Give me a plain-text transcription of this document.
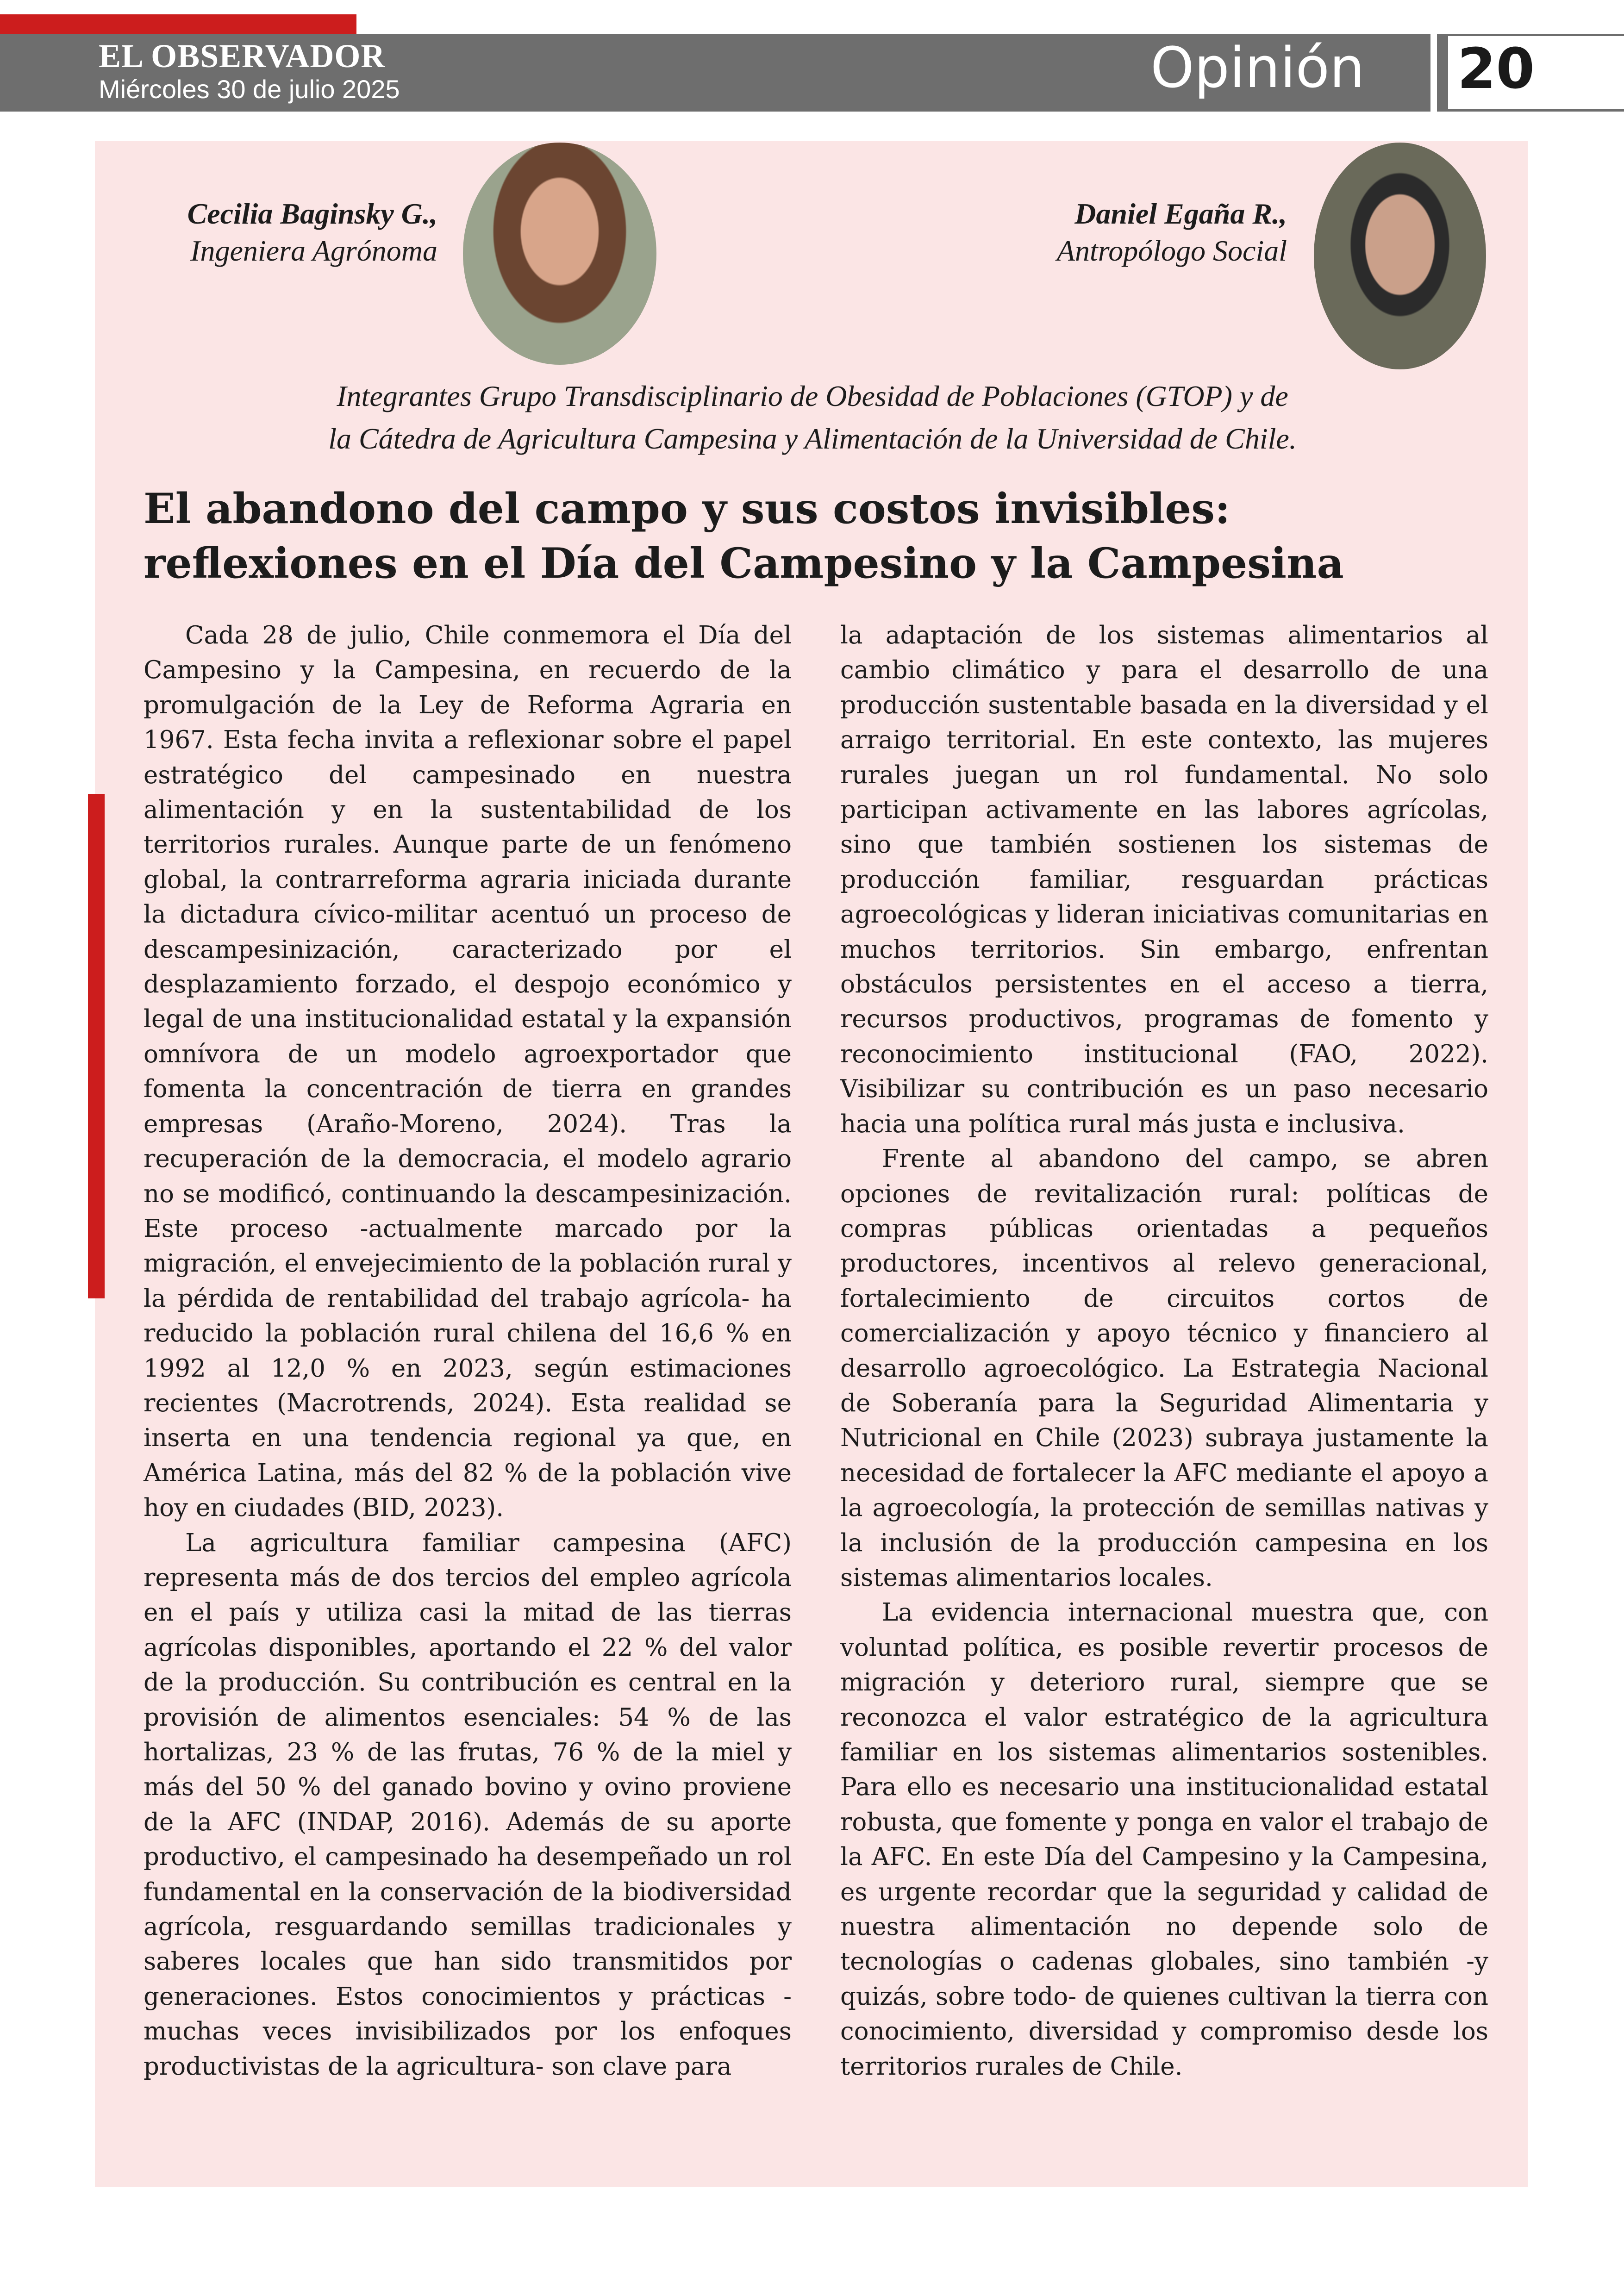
EL OBSERVADOR
Miércoles 30 de julio 2025	Opinión 20
Cecilia Baginsky G.,
Ingeniera Agrónoma
Daniel Egaña R.,
Antropólogo Social
Integrantes Grupo Transdisciplinario de Obesidad de Poblaciones (GTOP) y de
la Cátedra de Agricultura Campesina y Alimentación de la Universidad de Chile.
El abandono del campo y sus costos invisibles:
reflexiones en el Día del Campesino y la Campesina

Cada 28 de julio, Chile conmemora el Día del Campesino y la Campesina, en recuerdo de la promulgación de la Ley de Reforma Agraria en 1967. Esta fecha invita a reflexionar sobre el papel estratégico del campesinado en nuestra alimentación y en la sustentabilidad de los territorios rurales. Aunque parte de un fenómeno global, la contrarreforma agraria iniciada durante la dictadura cívico-militar acentuó un proceso de descampesinización, caracterizado por el desplazamiento forzado, el despojo económico y legal de una institucionalidad estatal y la expansión omnívora de un modelo agroexportador que fomenta la concentración de tierra en grandes empresas (Araño-Moreno, 2024). Tras la recuperación de la democracia, el modelo agrario no se modificó, continuando la descampesinización. Este proceso -actualmente marcado por la migración, el envejecimiento de la población rural y la pérdida de rentabilidad del trabajo agrícola- ha reducido la población rural chilena del 16,6 % en 1992 al 12,0 % en 2023, según estimaciones recientes (Macrotrends, 2024). Esta realidad se inserta en una tendencia regional ya que, en América Latina, más del 82 % de la población vive hoy en ciudades (BID, 2023).

La agricultura familiar campesina (AFC) representa más de dos tercios del empleo agrícola en el país y utiliza casi la mitad de las tierras agrícolas disponibles, aportando el 22 % del valor de la producción. Su contribución es central en la provisión de alimentos esenciales: 54 % de las hortalizas, 23 % de las frutas, 76 % de la miel y más del 50 % del ganado bovino y ovino proviene de la AFC (INDAP, 2016). Además de su aporte productivo, el campesinado ha desempeñado un rol fundamental en la conservación de la biodiversidad agrícola, resguardando semillas tradicionales y saberes locales que han sido transmitidos por generaciones. Estos conocimientos y prácticas -muchas veces invisibilizados por los enfoques productivistas de la agricultura- son clave para

la adaptación de los sistemas alimentarios al cambio climático y para el desarrollo de una producción sustentable basada en la diversidad y el arraigo territorial. En este contexto, las mujeres rurales juegan un rol fundamental. No solo participan activamente en las labores agrícolas, sino que también sostienen los sistemas de producción familiar, resguardan prácticas agroecológicas y lideran iniciativas comunitarias en muchos territorios. Sin embargo, enfrentan obstáculos persistentes en el acceso a tierra, recursos productivos, programas de fomento y reconocimiento institucional (FAO, 2022). Visibilizar su contribución es un paso necesario hacia una política rural más justa e inclusiva.

Frente al abandono del campo, se abren opciones de revitalización rural: políticas de compras públicas orientadas a pequeños productores, incentivos al relevo generacional, fortalecimiento de circuitos cortos de comercialización y apoyo técnico y financiero al desarrollo agroecológico. La Estrategia Nacional de Soberanía para la Seguridad Alimentaria y Nutricional en Chile (2023) subraya justamente la necesidad de fortalecer la AFC mediante el apoyo a la agroecología, la protección de semillas nativas y la inclusión de la producción campesina en los sistemas alimentarios locales.

La evidencia internacional muestra que, con voluntad política, es posible revertir procesos de migración y deterioro rural, siempre que se reconozca el valor estratégico de la agricultura familiar en los sistemas alimentarios sostenibles. Para ello es necesario una institucionalidad estatal robusta, que fomente y ponga en valor el trabajo de la AFC. En este Día del Campesino y la Campesina, es urgente recordar que la seguridad y calidad de nuestra alimentación no depende solo de tecnologías o cadenas globales, sino también -y quizás, sobre todo- de quienes cultivan la tierra con conocimiento, diversidad y compromiso desde los territorios rurales de Chile.
